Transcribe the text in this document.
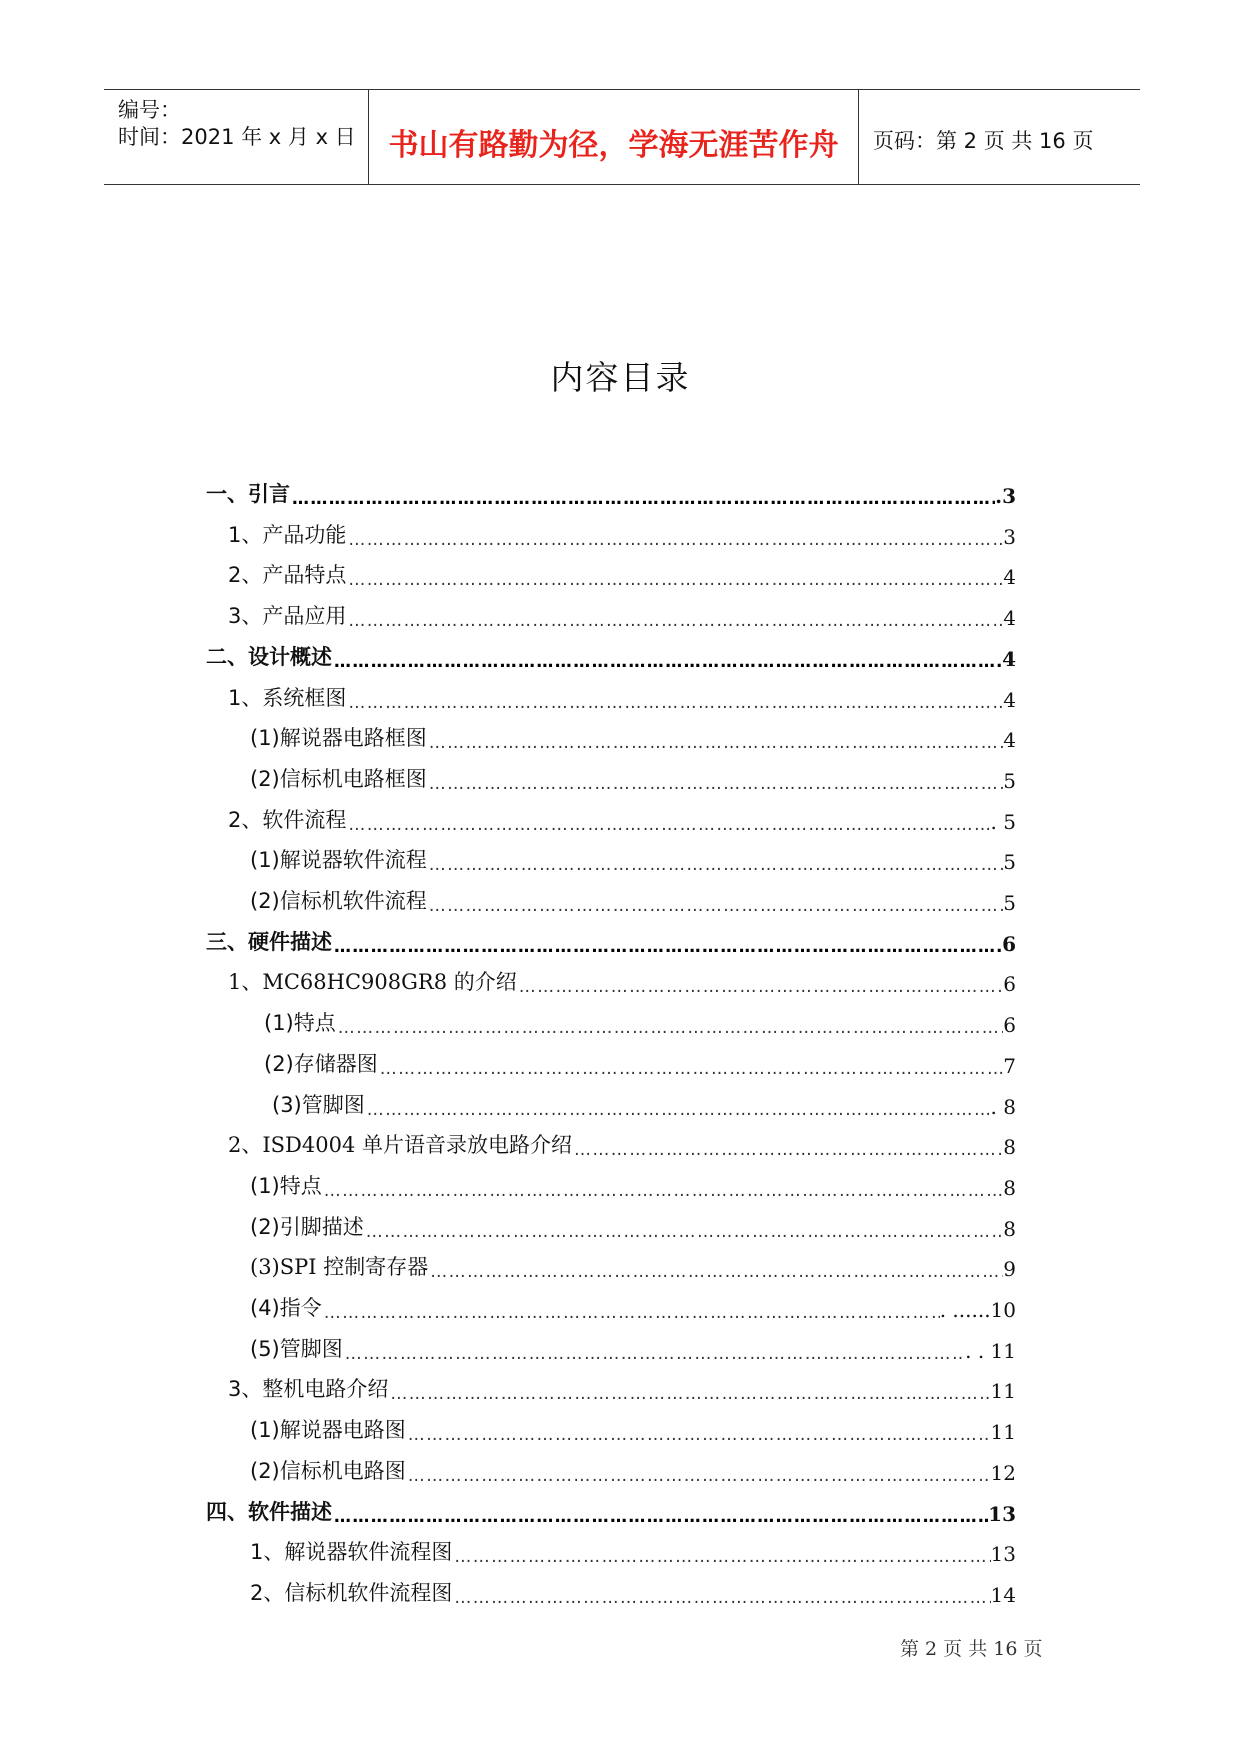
编号：
时间：2021 年 x 月 x 日	书山有路勤为径，学海无涯苦作舟	页码：第 2 页 共 16 页
内容目录
一、引言 …………………………………………………………………………………………………………………………………………………………………………………………………………………………	.3
1、产品功能 …………………………………………………………………………………………………………………………………………………………………………………………………………………………	3
2、产品特点 …………………………………………………………………………………………………………………………………………………………………………………………………………………………	4
3、产品应用 …………………………………………………………………………………………………………………………………………………………………………………………………………………………	4
二、设计概述 …………………………………………………………………………………………………………………………………………………………………………………………………………………………	4
1、系统框图 …………………………………………………………………………………………………………………………………………………………………………………………………………………………	4
(1)解说器电路框图 …………………………………………………………………………………………………………………………………………………………………………………………………………………………	4
(2)信标机电路框图 …………………………………………………………………………………………………………………………………………………………………………………………………………………………	5
2、软件流程 …………………………………………………………………………………………………………………………………………………………………………………………………………………………	. 5
(1)解说器软件流程 …………………………………………………………………………………………………………………………………………………………………………………………………………………………	5
(2)信标机软件流程 …………………………………………………………………………………………………………………………………………………………………………………………………………………………	5
三、硬件描述 …………………………………………………………………………………………………………………………………………………………………………………………………………………………	6
1、MC68HC908GR8 的介绍 …………………………………………………………………………………………………………………………………………………………………………………………………………………………	6
(1)特点 …………………………………………………………………………………………………………………………………………………………………………………………………………………………	6
(2)存储器图 …………………………………………………………………………………………………………………………………………………………………………………………………………………………	7
(3)管脚图 …………………………………………………………………………………………………………………………………………………………………………………………………………………………	. 8
2、ISD4004 单片语音录放电路介绍 …………………………………………………………………………………………………………………………………………………………………………………………………………………………	8
(1)特点 …………………………………………………………………………………………………………………………………………………………………………………………………………………………	8
(2)引脚描述 …………………………………………………………………………………………………………………………………………………………………………………………………………………………	8
(3)SPI 控制寄存器 …………………………………………………………………………………………………………………………………………………………………………………………………………………………	9
(4)指令 …………………………………………………………………………………………………………………………………………………………………………………………………………………………	. ......10
(5)管脚图 …………………………………………………………………………………………………………………………………………………………………………………………………………………………	. . 11
3、整机电路介绍 …………………………………………………………………………………………………………………………………………………………………………………………………………………………	11
(1)解说器电路图 …………………………………………………………………………………………………………………………………………………………………………………………………………………………	11
(2)信标机电路图 …………………………………………………………………………………………………………………………………………………………………………………………………………………………	12
四、软件描述 …………………………………………………………………………………………………………………………………………………………………………………………………………………………	13
1、解说器软件流程图 …………………………………………………………………………………………………………………………………………………………………………………………………………………………	13
2、信标机软件流程图 …………………………………………………………………………………………………………………………………………………………………………………………………………………………	14
第 2 页 共 16 页
